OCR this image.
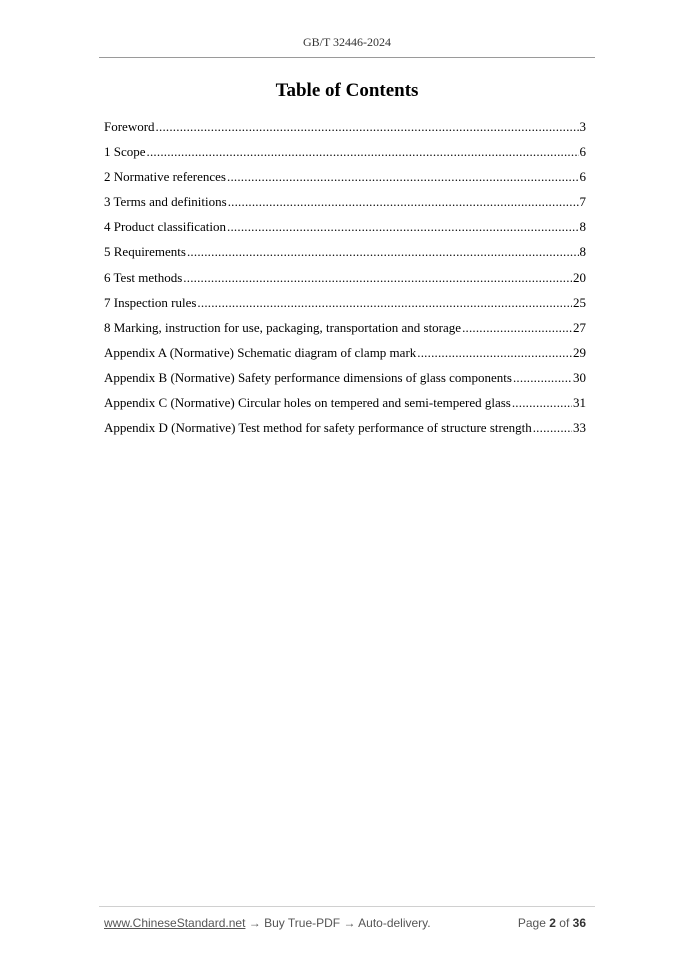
GB/T 32446-2024
Table of Contents
Foreword .....	3
1 Scope .....	6
2 Normative references .....	6
3 Terms and definitions .....	7
4 Product classification .....	8
5 Requirements .....	8
6 Test methods .....	20
7 Inspection rules .....	25
8 Marking, instruction for use, packaging, transportation and storage .....	27
Appendix A (Normative) Schematic diagram of clamp mark .....	29
Appendix B (Normative) Safety performance dimensions of glass components .....	30
Appendix C (Normative) Circular holes on tempered and semi-tempered glass .....	31
Appendix D (Normative) Test method for safety performance of structure strength .....	33
www.ChineseStandard.net → Buy True-PDF → Auto-delivery.	Page 2 of 36
